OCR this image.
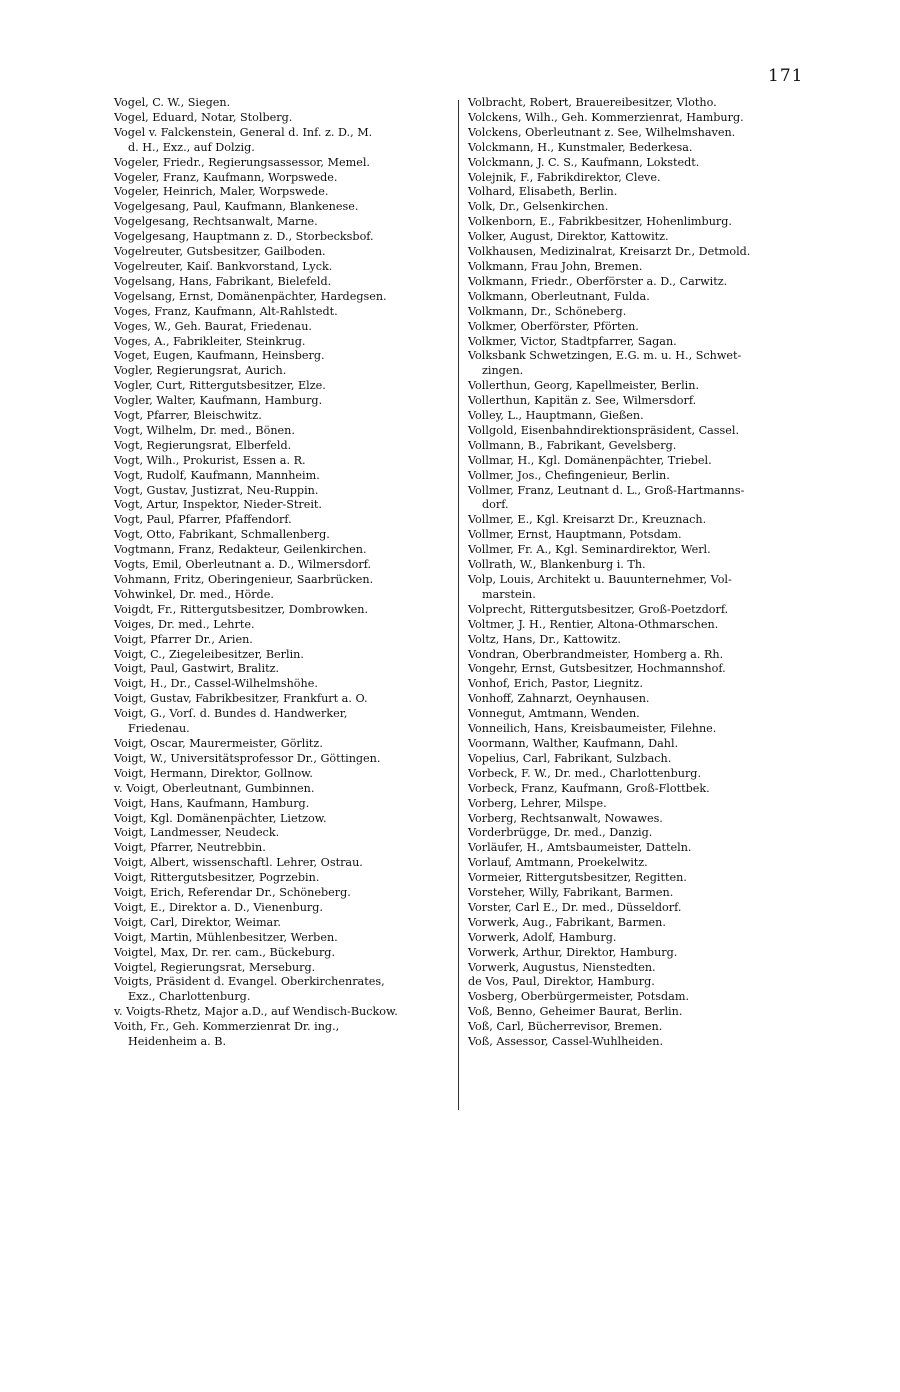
171
Vogel, C. W., Siegen.
Vogel, Eduard, Notar, Stolberg.
Vogel v. Falckenstein, General d. Inf. z. D., M.
d. H., Exz., auf Dolzig.
Vogeler, Friedr., Regierungsassessor, Memel.
Vogeler, Franz, Kaufmann, Worpswede.
Vogeler, Heinrich, Maler, Worpswede.
Vogelgesang, Paul, Kaufmann, Blankenese.
Vogelgesang, Rechtsanwalt, Marne.
Vogelgesang, Hauptmann z. D., Storbecksbof.
Vogelreuter, Gutsbesitzer, Gailboden.
Vogelreuter, Kaiſ. Bankvorstand, Lyck.
Vogelsang, Hans, Fabrikant, Bielefeld.
Vogelsang, Ernst, Domänenpächter, Hardegsen.
Voges, Franz, Kaufmann, Alt-Rahlstedt.
Voges, W., Geh. Baurat, Friedenau.
Voges, A., Fabrikleiter, Steinkrug.
Voget, Eugen, Kaufmann, Heinsberg.
Vogler, Regierungsrat, Aurich.
Vogler, Curt, Rittergutsbesitzer, Elze.
Vogler, Walter, Kaufmann, Hamburg.
Vogt, Pfarrer, Bleischwitz.
Vogt, Wilhelm, Dr. med., Bönen.
Vogt, Regierungsrat, Elberfeld.
Vogt, Wilh., Prokurist, Essen a. R.
Vogt, Rudolf, Kaufmann, Mannheim.
Vogt, Gustav, Justizrat, Neu-Ruppin.
Vogt, Artur, Inspektor, Nieder-Streit.
Vogt, Paul, Pfarrer, Pfaffendorf.
Vogt, Otto, Fabrikant, Schmallenberg.
Vogtmann, Franz, Redakteur, Geilenkirchen.
Vogts, Emil, Oberleutnant a. D., Wilmersdorf.
Vohmann, Fritz, Oberingenieur, Saarbrücken.
Vohwinkel, Dr. med., Hörde.
Voigdt, Fr., Rittergutsbesitzer, Dombrowken.
Voiges, Dr. med., Lehrte.
Voigt, Pfarrer Dr., Arien.
Voigt, C., Ziegeleibesitzer, Berlin.
Voigt, Paul, Gastwirt, Bralitz.
Voigt, H., Dr., Cassel-Wilhelmshöhe.
Voigt, Gustav, Fabrikbesitzer, Frankfurt a. O.
Voigt, G., Vorſ. d. Bundes d. Handwerker,
Friedenau.
Voigt, Oscar, Maurermeister, Görlitz.
Voigt, W., Universitätsprofessor Dr., Göttingen.
Voigt, Hermann, Direktor, Gollnow.
v. Voigt, Oberleutnant, Gumbinnen.
Voigt, Hans, Kaufmann, Hamburg.
Voigt, Kgl. Domänenpächter, Lietzow.
Voigt, Landmesser, Neudeck.
Voigt, Pfarrer, Neutrebbin.
Voigt, Albert, wissenschaftl. Lehrer, Ostrau.
Voigt, Rittergutsbesitzer, Pogrzebin.
Voigt, Erich, Referendar Dr., Schöneberg.
Voigt, E., Direktor a. D., Vienenburg.
Voigt, Carl, Direktor, Weimar.
Voigt, Martin, Mühlenbesitzer, Werben.
Voigtel, Max, Dr. rer. cam., Bückeburg.
Voigtel, Regierungsrat, Merseburg.
Voigts, Präsident d. Evangel. Oberkirchenrates,
Exz., Charlottenburg.
v. Voigts-Rhetz, Major a.D., auf Wendisch-Buckow.
Voith, Fr., Geh. Kommerzienrat Dr. ing.,
Heidenheim a. B.
Volbracht, Robert, Brauereibesitzer, Vlotho.
Volckens, Wilh., Geh. Kommerzienrat, Hamburg.
Volckens, Oberleutnant z. See, Wilhelmshaven.
Volckmann, H., Kunstmaler, Bederkesa.
Volckmann, J. C. S., Kaufmann, Lokstedt.
Volejnik, F., Fabrikdirektor, Cleve.
Volhard, Elisabeth, Berlin.
Volk, Dr., Gelsenkirchen.
Volkenborn, E., Fabrikbesitzer, Hohenlimburg.
Volker, August, Direktor, Kattowitz.
Volkhausen, Medizinalrat, Kreisarzt Dr., Detmold.
Volkmann, Frau John, Bremen.
Volkmann, Friedr., Oberförster a. D., Carwitz.
Volkmann, Oberleutnant, Fulda.
Volkmann, Dr., Schöneberg.
Volkmer, Oberförster, Pförten.
Volkmer, Victor, Stadtpfarrer, Sagan.
Volksbank Schwetzingen, E.G. m. u. H., Schwet-
zingen.
Vollerthun, Georg, Kapellmeister, Berlin.
Vollerthun, Kapitän z. See, Wilmersdorf.
Volley, L., Hauptmann, Gießen.
Vollgold, Eisenbahndirektionspräsident, Cassel.
Vollmann, B., Fabrikant, Gevelsberg.
Vollmar, H., Kgl. Domänenpächter, Triebel.
Vollmer, Jos., Chefingenieur, Berlin.
Vollmer, Franz, Leutnant d. L., Groß-Hartmanns-
dorf.
Vollmer, E., Kgl. Kreisarzt Dr., Kreuznach.
Vollmer, Ernst, Hauptmann, Potsdam.
Vollmer, Fr. A., Kgl. Seminardirektor, Werl.
Vollrath, W., Blankenburg i. Th.
Volp, Louis, Architekt u. Bauunternehmer, Vol-
marstein.
Volprecht, Rittergutsbesitzer, Groß-Poetzdorf.
Voltmer, J. H., Rentier, Altona-Othmarschen.
Voltz, Hans, Dr., Kattowitz.
Vondran, Oberbrandmeister, Homberg a. Rh.
Vongehr, Ernst, Gutsbesitzer, Hochmannshof.
Vonhof, Erich, Pastor, Liegnitz.
Vonhoff, Zahnarzt, Oeynhausen.
Vonnegut, Amtmann, Wenden.
Vonneilich, Hans, Kreisbaumeister, Filehne.
Voormann, Walther, Kaufmann, Dahl.
Vopelius, Carl, Fabrikant, Sulzbach.
Vorbeck, F. W., Dr. med., Charlottenburg.
Vorbeck, Franz, Kaufmann, Groß-Flottbek.
Vorberg, Lehrer, Milspe.
Vorberg, Rechtsanwalt, Nowawes.
Vorderbrügge, Dr. med., Danzig.
Vorläufer, H., Amtsbaumeister, Datteln.
Vorlauf, Amtmann, Proekelwitz.
Vormeier, Rittergutsbesitzer, Regitten.
Vorsteher, Willy, Fabrikant, Barmen.
Vorster, Carl E., Dr. med., Düsseldorf.
Vorwerk, Aug., Fabrikant, Barmen.
Vorwerk, Adolf, Hamburg.
Vorwerk, Arthur, Direktor, Hamburg.
Vorwerk, Augustus, Nienstedten.
de Vos, Paul, Direktor, Hamburg.
Vosberg, Oberbürgermeister, Potsdam.
Voß, Benno, Geheimer Baurat, Berlin.
Voß, Carl, Bücherrevisor, Bremen.
Voß, Assessor, Cassel-Wuhlheiden.
